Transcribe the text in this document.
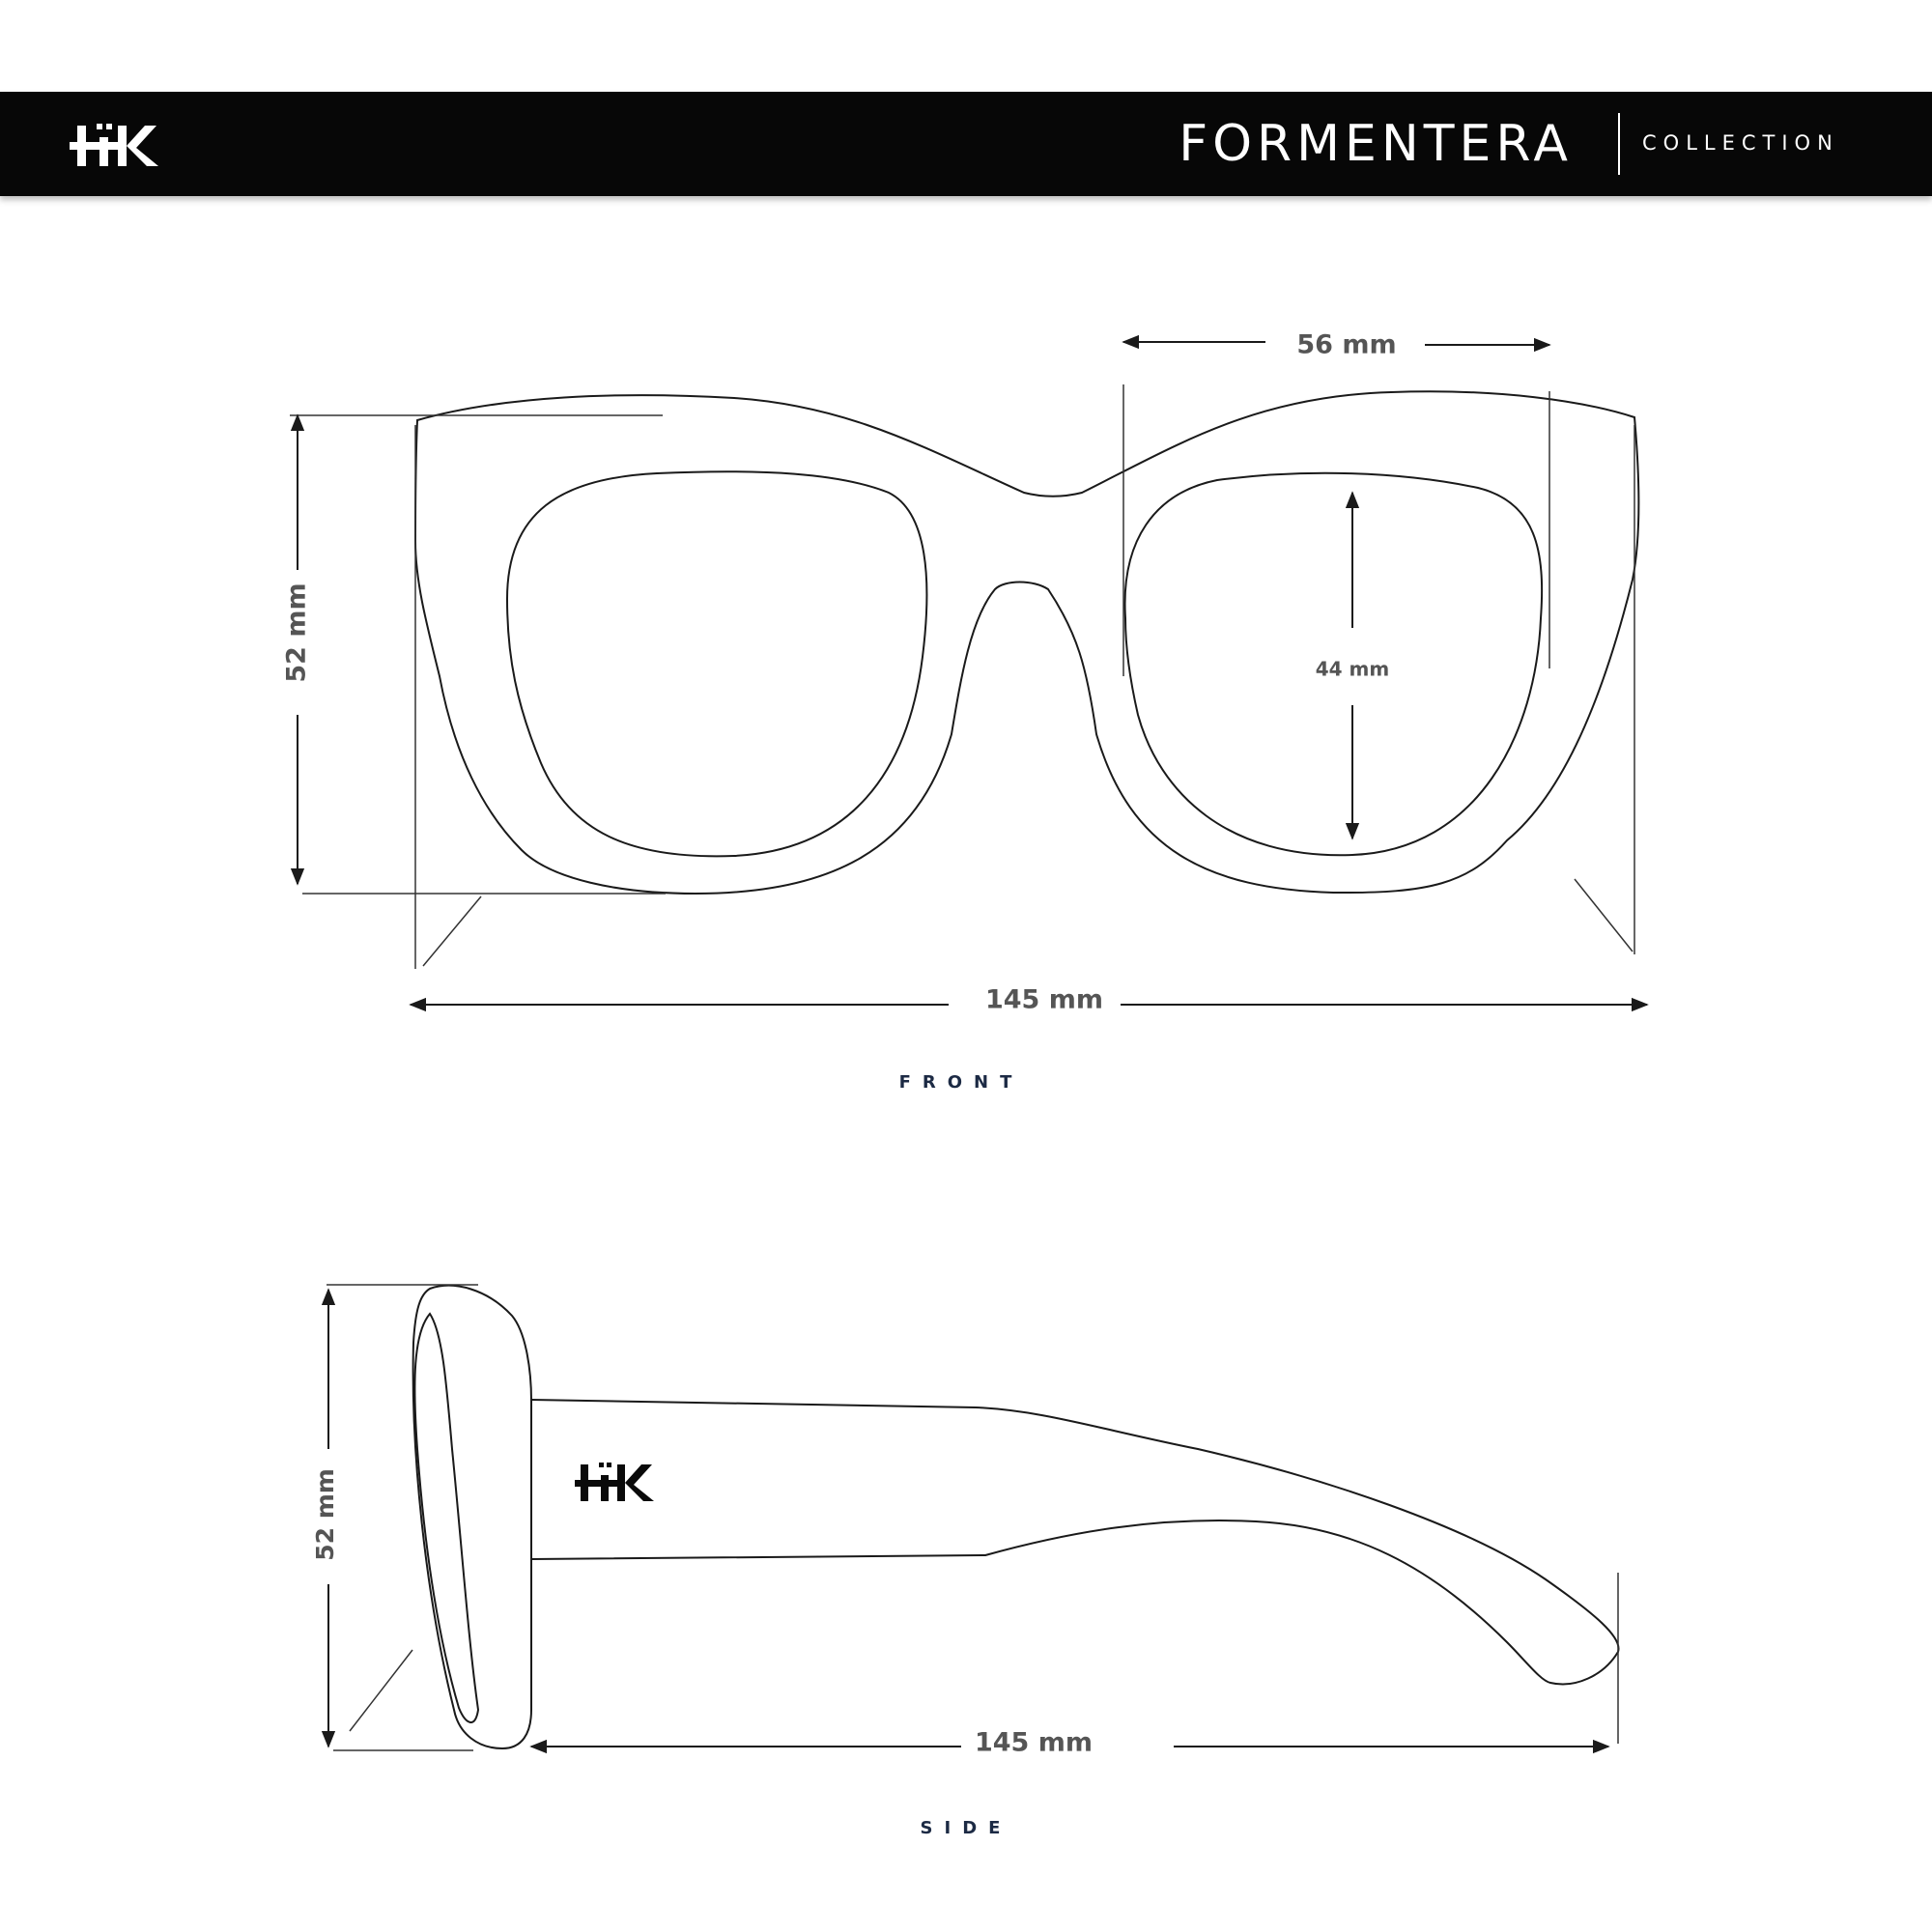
FORMENTERA	COLLECTION
56 mm
44 mm
52 mm
145 mm
FRONT
52 mm
145 mm
SIDE
